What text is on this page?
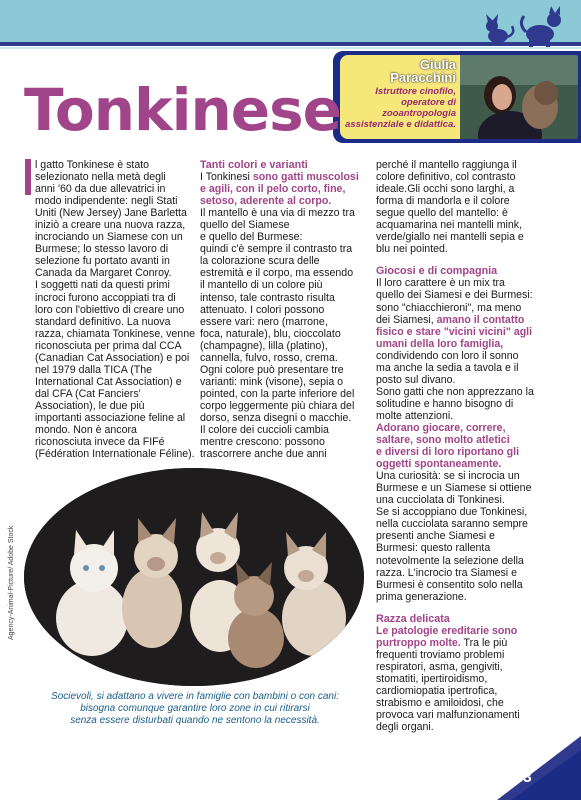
Giulia
Paracchini
Istruttore cinofilo,
operatore di
zooantropologia
assistenziale e didattica.
Tonkinese

l gatto Tonkinese è stato

selezionato nella metà degli

anni '60 da due allevatrici in

modo indipendente: negli Stati

Uniti (New Jersey) Jane Barletta

iniziò a creare una nuova razza,

incrociando un Siamese con un

Burmese; lo stesso lavoro di

selezione fu portato avanti in

Canada da Margaret Conroy.

I soggetti nati da questi primi

incroci furono accoppiati tra di

loro con l'obiettivo di creare uno

standard definitivo. La nuova

razza, chiamata Tonkinese, venne

riconosciuta per prima dal CCA

(Canadian Cat Association) e poi

nel 1979 dalla TICA (The

International Cat Association) e

dal CFA (Cat Fanciers'

Association), le due più

importanti associazione feline al

mondo. Non è ancora

riconosciuta invece da FIFé

(Fédération Internationale Féline).

Tanti colori e varianti

I Tonkinesi sono gatti muscolosi

e agili, con il pelo corto, fine,

setoso, aderente al corpo.

Il mantello è una via di mezzo tra

quello del Siamese

e quello del Burmese:

quindi c'è sempre il contrasto tra

la colorazione scura delle

estremità e il corpo, ma essendo

il mantello di un colore più

intenso, tale contrasto risulta

attenuato. I colori possono

essere vari: nero (marrone,

foca, naturale), blu, cioccolato

(champagne), lilla (platino),

cannella, fulvo, rosso, crema.

Ogni colore può presentare tre

varianti: mink (visone), sepia o

pointed, con la parte inferiore del

corpo leggermente più chiara del

dorso, senza disegni o macchie.

Il colore dei cuccioli cambia

mentre crescono: possono

trascorrere anche due anni

perché il mantello raggiunga il

colore definitivo, col contrasto

ideale.Gli occhi sono larghi, a

forma di mandorla e il colore

segue quello del mantello: è

acquamarina nei mantelli mink,

verde/giallo nei mantelli sepia e

blu nei pointed.

Giocosi e di compagnia

Il loro carattere è un mix tra

quello dei Siamesi e dei Burmesi:

sono "chiacchieroni", ma meno

dei Siamesi, amano il contatto

fisico e stare "vicini vicini" agli

umani della loro famiglia,

condividendo con loro il sonno

ma anche la sedia a tavola e il

posto sul divano.

Sono gatti che non apprezzano la

solitudine e hanno bisogno di

molte attenzioni.

Adorano giocare, correre,

saltare, sono molto atletici

e diversi di loro riportano gli

oggetti spontaneamente.

Una curiosità: se si incrocia un

Burmese e un Siamese si ottiene

una cucciolata di Tonkinesi.

Se si accoppiano due Tonkinesi,

nella cucciolata saranno sempre

presenti anche Siamesi e

Burmesi: questo rallenta

notevolmente la selezione della

razza. L'incrocio tra Siamesi e

Burmesi è consentito solo nella

prima generazione.

Razza delicata

Le patologie ereditarie sono

purtroppo molte. Tra le più

frequenti troviamo problemi

respiratori, asma, gengiviti,

stomatiti, ipertiroidismo,

cardiomiopatia ipertrofica,

strabismo e amiloidosi, che

provoca vari malfunzionamenti

degli organi.

Socievoli, si adattano a vivere in famiglie con bambini o con cani:
bisogna comunque garantire loro zone in cui ritirarsi
senza essere disturbati quando ne sentono la necessità.
Agency-Animal-Picture/ Adobe Stock
73
